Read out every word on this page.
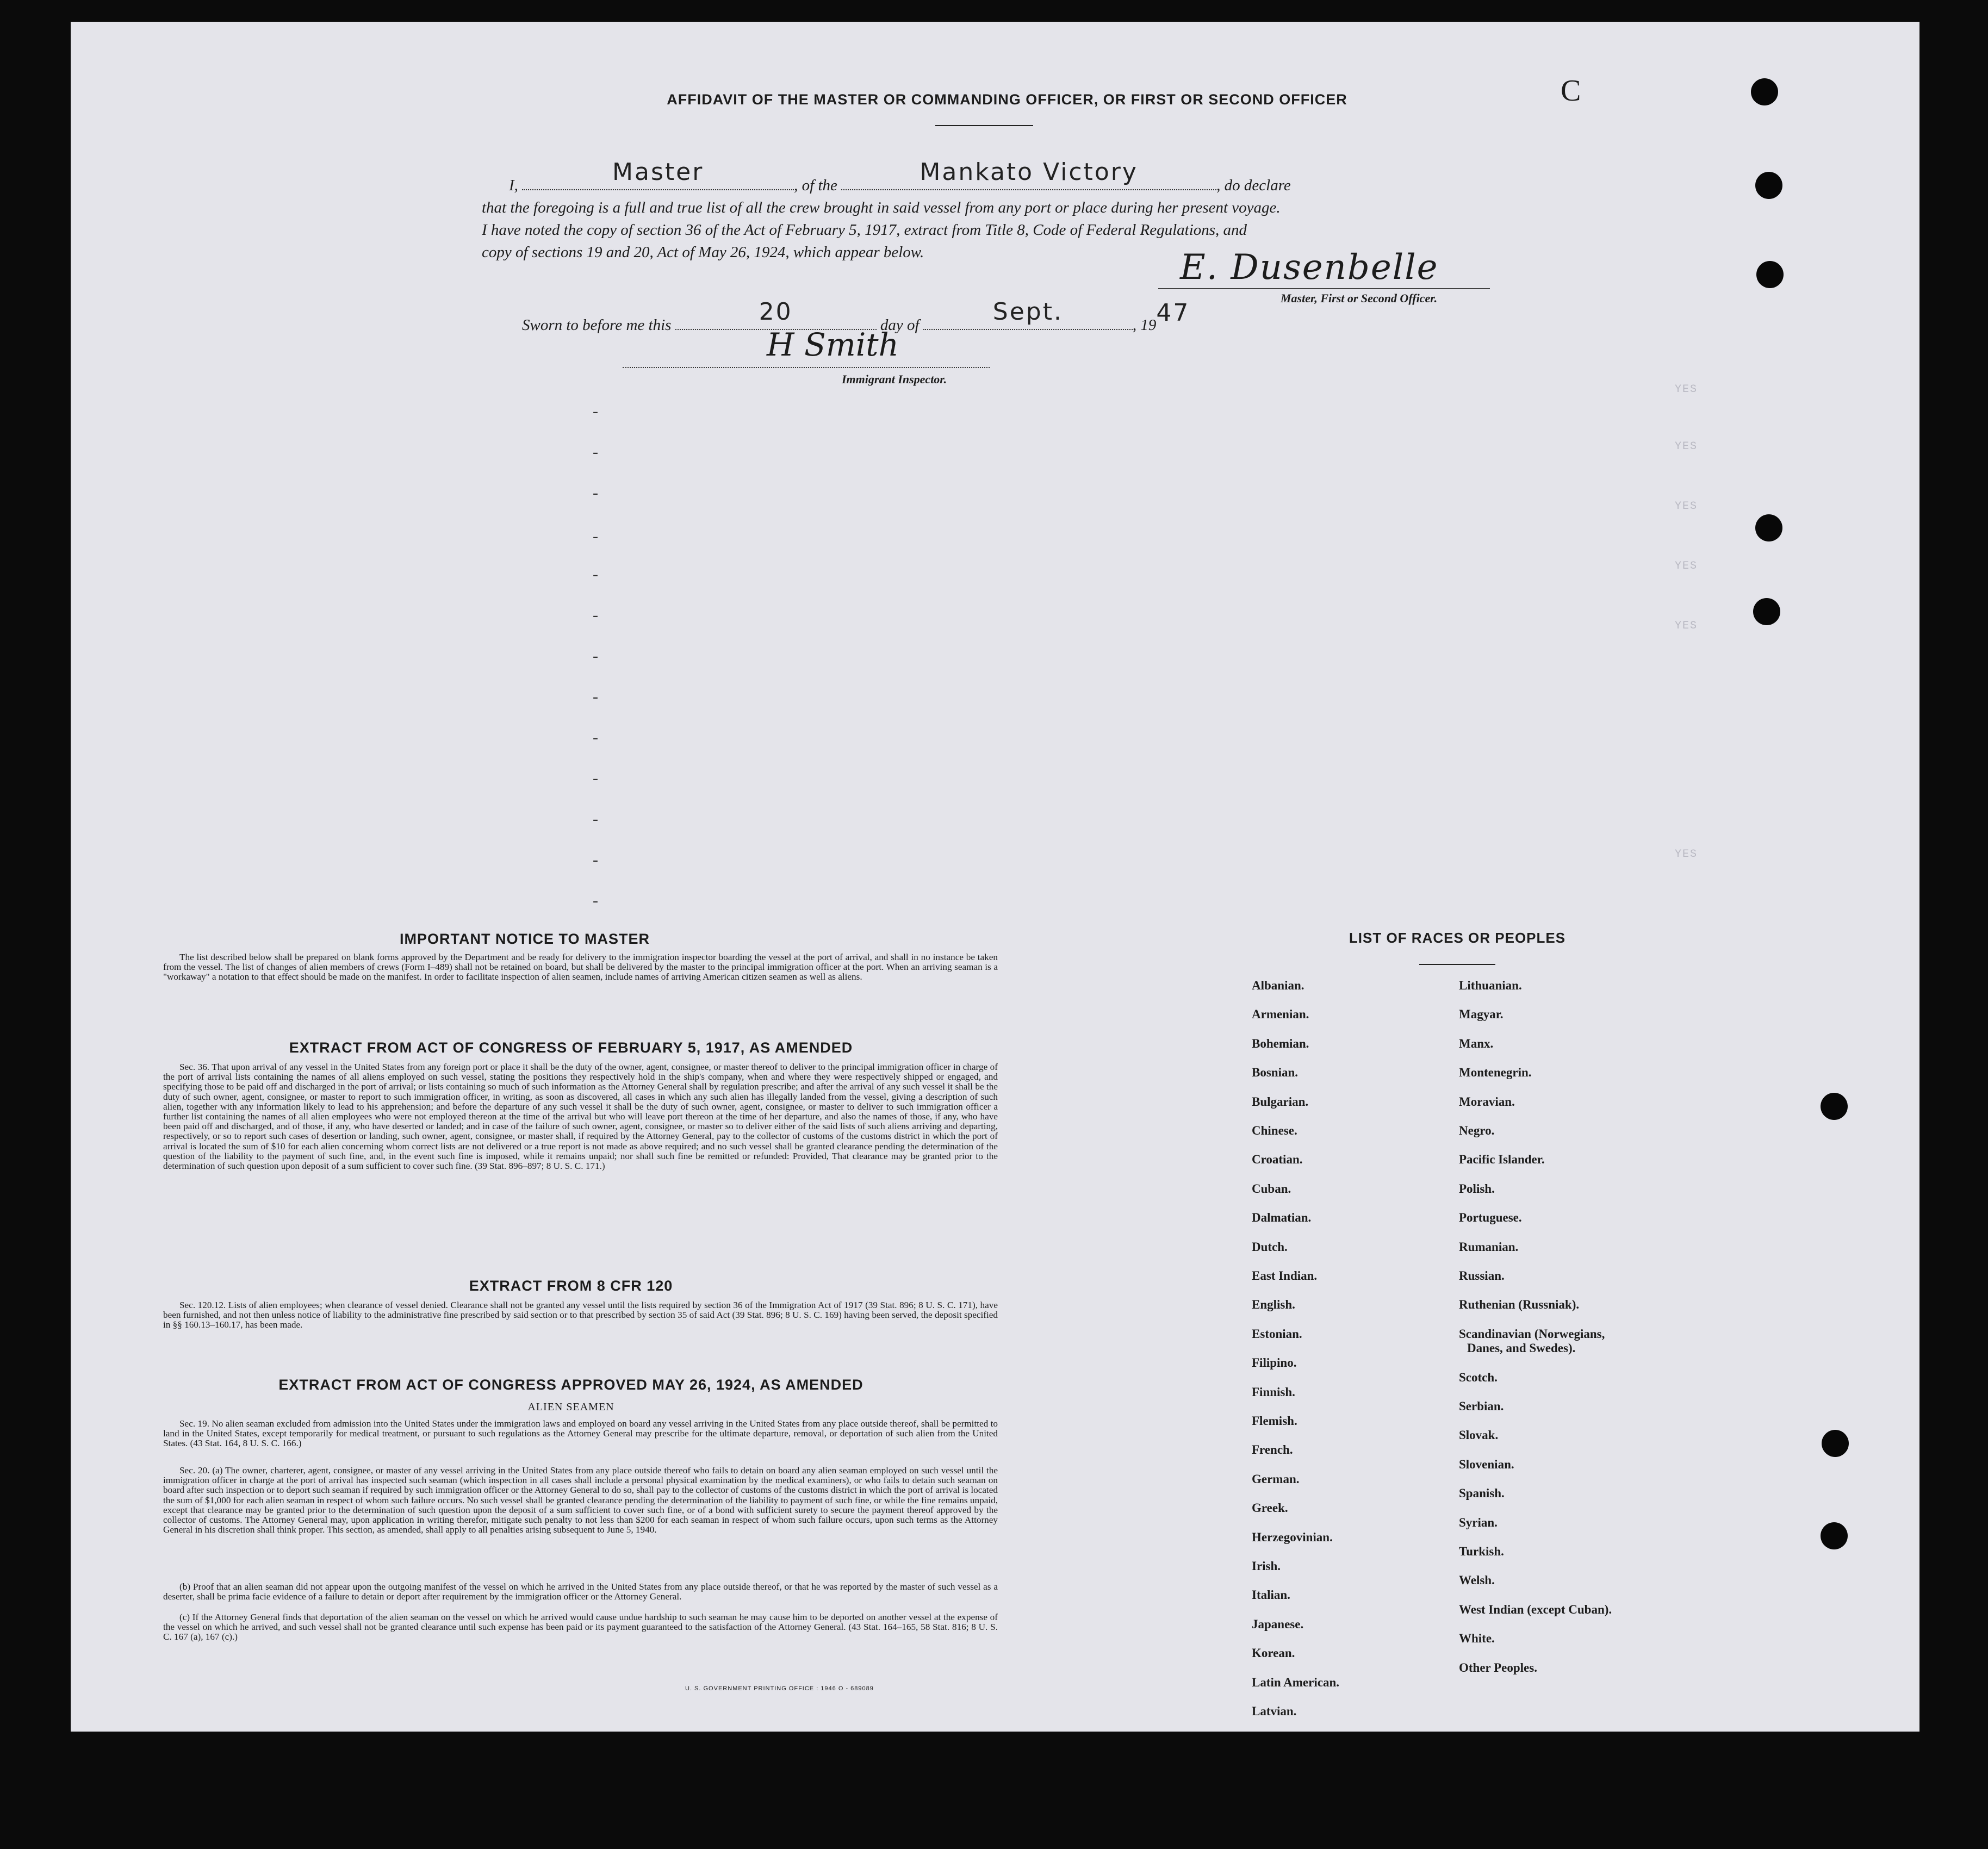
YES
YES
YES
YES
YES
YES
-
-
-
-
-
-
-
-
-
-
-
-
-
AFFIDAVIT OF THE MASTER OR COMMANDING OFFICER, OR FIRST OR SECOND OFFICER	C
I,	Master	, of the	Mankato Victory	, do declare
that the foregoing is a full and true list of all the crew brought in said vessel from any port or place during her present voyage.
I have noted the copy of section 36 of the Act of February 5, 1917, extract from Title 8, Code of Federal Regulations, and
copy of sections 19 and 20, Act of May 26, 1924, which appear below.	E. Dusenbelle
Master, First or Second Officer.
Sworn to before me this	20	day of	Sept.	, 19 47
H Smith
Immigrant Inspector.
IMPORTANT NOTICE TO MASTER
The list described below shall be prepared on blank forms approved by the Department and be ready for delivery to the immigration inspector boarding the vessel at the port of arrival, and shall in no instance be taken from the vessel. The list of changes of alien members of crews (Form I–489) shall not be retained on board, but shall be delivered by the master to the principal immigration officer at the port. When an arriving seaman is a "workaway" a notation to that effect should be made on the manifest. In order to facilitate inspection of alien seamen, include names of arriving American citizen seamen as well as aliens.
EXTRACT FROM ACT OF CONGRESS OF FEBRUARY 5, 1917, AS AMENDED
Sec. 36. That upon arrival of any vessel in the United States from any foreign port or place it shall be the duty of the owner, agent, consignee, or master thereof to deliver to the principal immigration officer in charge of the port of arrival lists containing the names of all aliens employed on such vessel, stating the positions they respectively hold in the ship's company, when and where they were respectively shipped or engaged, and specifying those to be paid off and discharged in the port of arrival; or lists containing so much of such information as the Attorney General shall by regulation prescribe; and after the arrival of any such vessel it shall be the duty of such owner, agent, consignee, or master to report to such immigration officer, in writing, as soon as discovered, all cases in which any such alien has illegally landed from the vessel, giving a description of such alien, together with any information likely to lead to his apprehension; and before the departure of any such vessel it shall be the duty of such owner, agent, consignee, or master to deliver to such immigration officer a further list containing the names of all alien employees who were not employed thereon at the time of the arrival but who will leave port thereon at the time of her departure, and also the names of those, if any, who have been paid off and discharged, and of those, if any, who have deserted or landed; and in case of the failure of such owner, agent, consignee, or master so to deliver either of the said lists of such aliens arriving and departing, respectively, or so to report such cases of desertion or landing, such owner, agent, consignee, or master shall, if required by the Attorney General, pay to the collector of customs of the customs district in which the port of arrival is located the sum of $10 for each alien concerning whom correct lists are not delivered or a true report is not made as above required; and no such vessel shall be granted clearance pending the determination of the question of the liability to the payment of such fine, and, in the event such fine is imposed, while it remains unpaid; nor shall such fine be remitted or refunded: Provided, That clearance may be granted prior to the determination of such question upon deposit of a sum sufficient to cover such fine. (39 Stat. 896–897; 8 U. S. C. 171.)
EXTRACT FROM 8 CFR 120
Sec. 120.12. Lists of alien employees; when clearance of vessel denied. Clearance shall not be granted any vessel until the lists required by section 36 of the Immigration Act of 1917 (39 Stat. 896; 8 U. S. C. 171), have been furnished, and not then unless notice of liability to the administrative fine prescribed by said section or to that prescribed by section 35 of said Act (39 Stat. 896; 8 U. S. C. 169) having been served, the deposit specified in §§ 160.13–160.17, has been made.
EXTRACT FROM ACT OF CONGRESS APPROVED MAY 26, 1924, AS AMENDED
ALIEN SEAMEN
Sec. 19. No alien seaman excluded from admission into the United States under the immigration laws and employed on board any vessel arriving in the United States from any place outside thereof, shall be permitted to land in the United States, except temporarily for medical treatment, or pursuant to such regulations as the Attorney General may prescribe for the ultimate departure, removal, or deportation of such alien from the United States. (43 Stat. 164, 8 U. S. C. 166.)
Sec. 20. (a) The owner, charterer, agent, consignee, or master of any vessel arriving in the United States from any place outside thereof who fails to detain on board any alien seaman employed on such vessel until the immigration officer in charge at the port of arrival has inspected such seaman (which inspection in all cases shall include a personal physical examination by the medical examiners), or who fails to detain such seaman on board after such inspection or to deport such seaman if required by such immigration officer or the Attorney General to do so, shall pay to the collector of customs of the customs district in which the port of arrival is located the sum of $1,000 for each alien seaman in respect of whom such failure occurs. No such vessel shall be granted clearance pending the determination of the liability to payment of such fine, or while the fine remains unpaid, except that clearance may be granted prior to the determination of such question upon the deposit of a sum sufficient to cover such fine, or of a bond with sufficient surety to secure the payment thereof approved by the collector of customs. The Attorney General may, upon application in writing therefor, mitigate such penalty to not less than $200 for each seaman in respect of whom such failure occurs, upon such terms as the Attorney General in his discretion shall think proper. This section, as amended, shall apply to all penalties arising subsequent to June 5, 1940.
(b) Proof that an alien seaman did not appear upon the outgoing manifest of the vessel on which he arrived in the United States from any place outside thereof, or that he was reported by the master of such vessel as a deserter, shall be prima facie evidence of a failure to detain or deport after requirement by the immigration officer or the Attorney General.
(c) If the Attorney General finds that deportation of the alien seaman on the vessel on which he arrived would cause undue hardship to such seaman he may cause him to be deported on another vessel at the expense of the vessel on which he arrived, and such vessel shall not be granted clearance until such expense has been paid or its payment guaranteed to the satisfaction of the Attorney General. (43 Stat. 164–165, 58 Stat. 816; 8 U. S. C. 167 (a), 167 (c).)
U. S. GOVERNMENT PRINTING OFFICE : 1946 O - 689089
LIST OF RACES OR PEOPLES
Albanian.
Armenian.
Bohemian.
Bosnian.
Bulgarian.
Chinese.
Croatian.
Cuban.
Dalmatian.
Dutch.
East Indian.
English.
Estonian.
Filipino.
Finnish.
Flemish.
French.
German.
Greek.
Herzegovinian.
Irish.
Italian.
Japanese.
Korean.
Latin American.
Latvian.
Lithuanian.
Magyar.
Manx.
Montenegrin.
Moravian.
Negro.
Pacific Islander.
Polish.
Portuguese.
Rumanian.
Russian.
Ruthenian (Russniak).
Scandinavian (Norwegians,
Danes, and Swedes).
Scotch.
Serbian.
Slovak.
Slovenian.
Spanish.
Syrian.
Turkish.
Welsh.
West Indian (except Cuban).
White.
Other Peoples.
